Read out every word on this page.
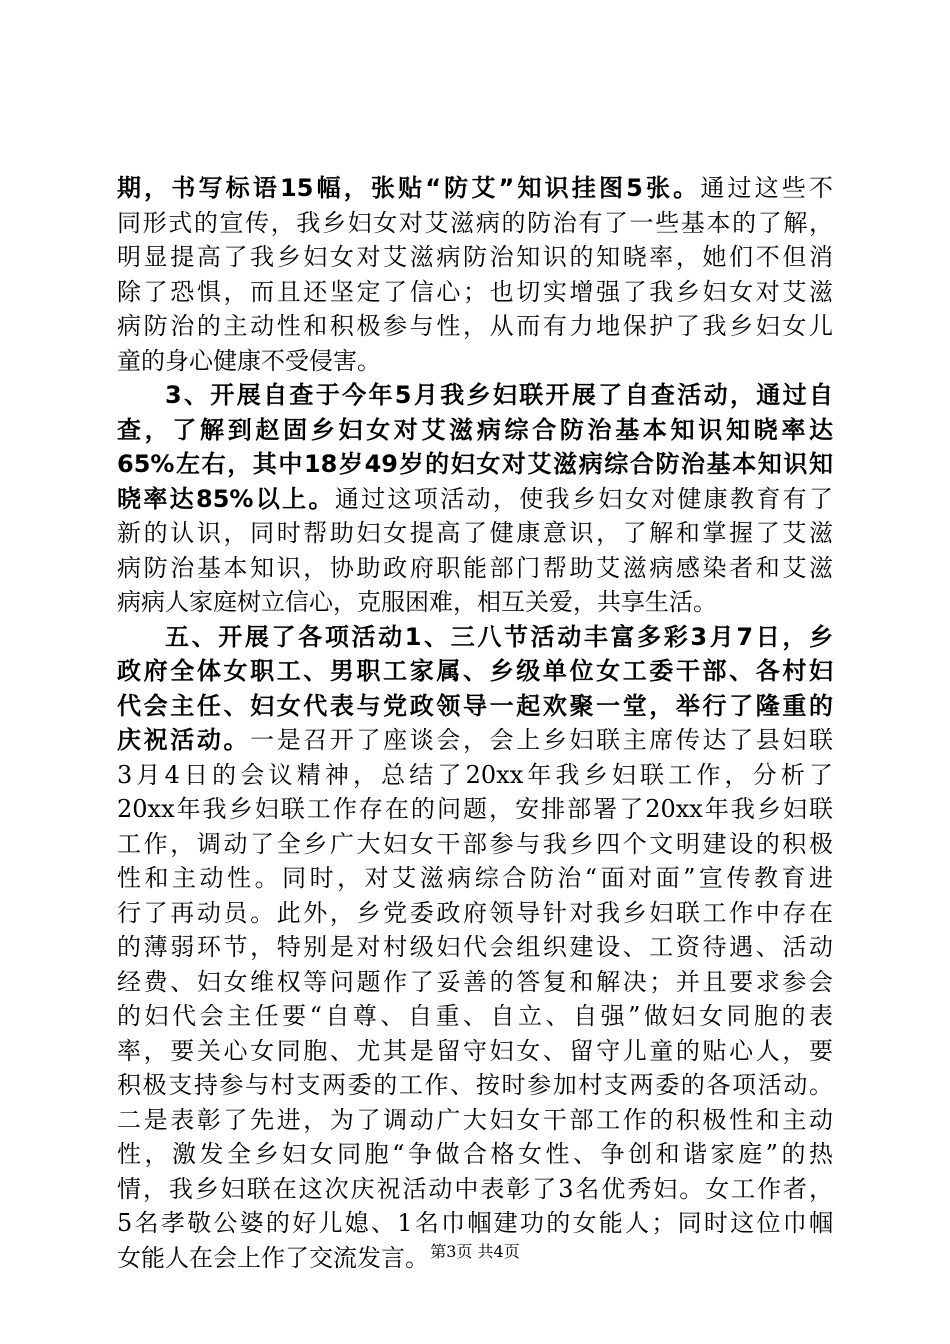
期，书写标语15幅，张贴“防艾”知识挂图5张。通过这些不
同形式的宣传，我乡妇女对艾滋病的防治有了一些基本的了解，
明显提高了我乡妇女对艾滋病防治知识的知晓率，她们不但消
除了恐惧，而且还坚定了信心；也切实增强了我乡妇女对艾滋
病防治的主动性和积极参与性，从而有力地保护了我乡妇女儿
童的身心健康不受侵害。
3、开展自查于今年5月我乡妇联开展了自查活动，通过自
查，了解到赵固乡妇女对艾滋病综合防治基本知识知晓率达
65%左右，其中18岁49岁的妇女对艾滋病综合防治基本知识知
晓率达85%以上。通过这项活动，使我乡妇女对健康教育有了
新的认识，同时帮助妇女提高了健康意识，了解和掌握了艾滋
病防治基本知识，协助政府职能部门帮助艾滋病感染者和艾滋
病病人家庭树立信心，克服困难，相互关爱，共享生活。
五、开展了各项活动1、三八节活动丰富多彩3月7日，乡
政府全体女职工、男职工家属、乡级单位女工委干部、各村妇
代会主任、妇女代表与党政领导一起欢聚一堂，举行了隆重的
庆祝活动。一是召开了座谈会，会上乡妇联主席传达了县妇联
3月4日的会议精神，总结了20xx年我乡妇联工作，分析了
20xx年我乡妇联工作存在的问题，安排部署了20xx年我乡妇联
工作，调动了全乡广大妇女干部参与我乡四个文明建设的积极
性和主动性。同时，对艾滋病综合防治“面对面”宣传教育进
行了再动员。此外，乡党委政府领导针对我乡妇联工作中存在
的薄弱环节，特别是对村级妇代会组织建设、工资待遇、活动
经费、妇女维权等问题作了妥善的答复和解决；并且要求参会
的妇代会主任要“自尊、自重、自立、自强”做妇女同胞的表
率，要关心女同胞、尤其是留守妇女、留守儿童的贴心人，要
积极支持参与村支两委的工作、按时参加村支两委的各项活动。
二是表彰了先进，为了调动广大妇女干部工作的积极性和主动
性，激发全乡妇女同胞“争做合格女性、争创和谐家庭”的热
情，我乡妇联在这次庆祝活动中表彰了3名优秀妇。女工作者，
5名孝敬公婆的好儿媳、1名巾帼建功的女能人；同时这位巾帼
女能人在会上作了交流发言。 第3页 共4页
